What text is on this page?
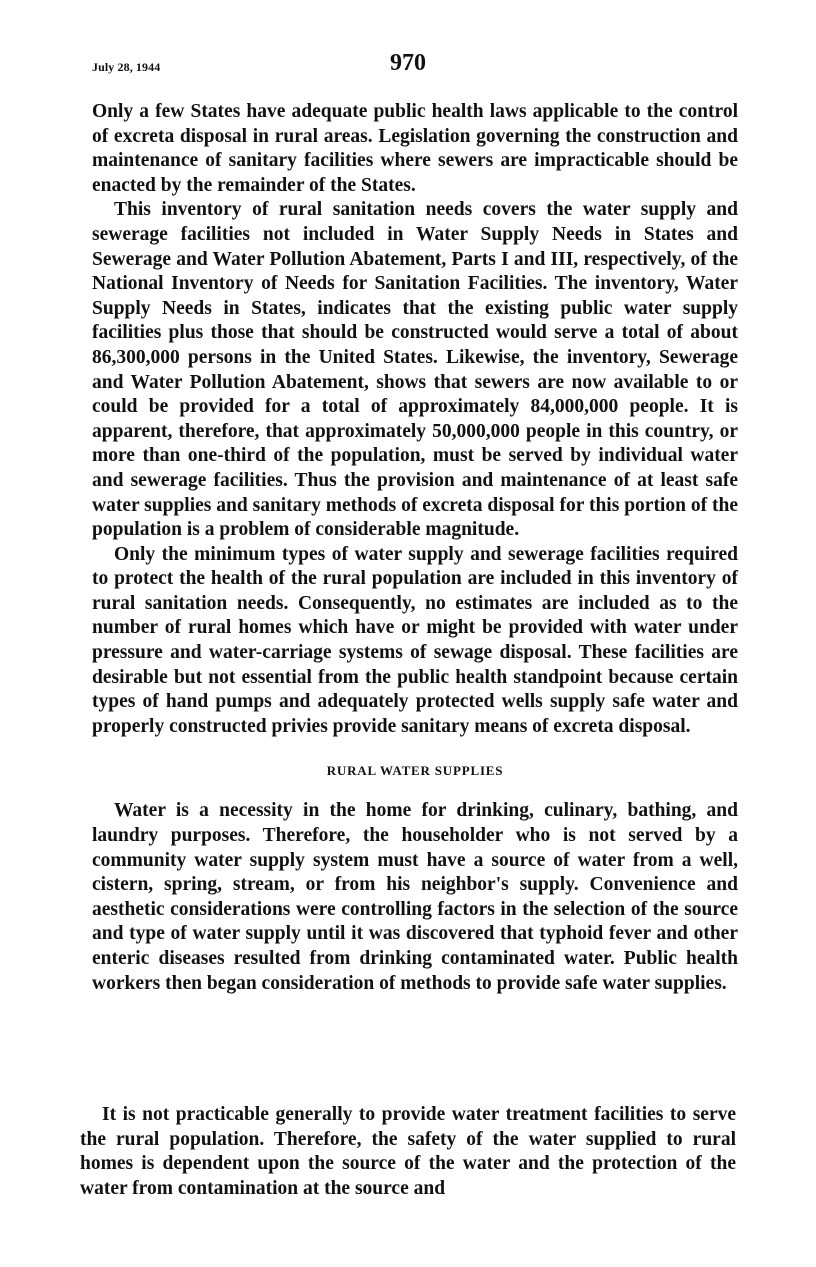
July 28, 1944	970

Only a few States have adequate public health laws applicable to the control of excreta disposal in rural areas. Legislation governing the construction and maintenance of sanitary facilities where sewers are impracticable should be enacted by the remainder of the States.

This inventory of rural sanitation needs covers the water supply and sewerage facilities not included in Water Supply Needs in States and Sewerage and Water Pollution Abatement, Parts I and III, respectively, of the National Inventory of Needs for Sanitation Facilities. The inventory, Water Supply Needs in States, indicates that the existing public water supply facilities plus those that should be constructed would serve a total of about 86,300,000 persons in the United States. Likewise, the inventory, Sewerage and Water Pollution Abatement, shows that sewers are now available to or could be provided for a total of approximately 84,000,000 people. It is apparent, therefore, that approximately 50,000,000 people in this country, or more than one-third of the population, must be served by individual water and sewerage facilities. Thus the provision and maintenance of at least safe water supplies and sanitary methods of excreta disposal for this portion of the population is a problem of considerable magnitude.

Only the minimum types of water supply and sewerage facilities required to protect the health of the rural population are included in this inventory of rural sanitation needs. Consequently, no estimates are included as to the number of rural homes which have or might be provided with water under pressure and water-carriage systems of sewage disposal. These facilities are desirable but not essential from the public health standpoint because certain types of hand pumps and adequately protected wells supply safe water and properly constructed privies provide sanitary means of excreta disposal.

RURAL WATER SUPPLIES

Water is a necessity in the home for drinking, culinary, bathing, and laundry purposes. Therefore, the householder who is not served by a community water supply system must have a source of water from a well, cistern, spring, stream, or from his neighbor's supply. Convenience and aesthetic considerations were controlling factors in the selection of the source and type of water supply until it was discovered that typhoid fever and other enteric diseases resulted from drinking contaminated water. Public health workers then began consideration of methods to provide safe water supplies.

It is not practicable generally to provide water treatment facilities to serve the rural population. Therefore, the safety of the water supplied to rural homes is dependent upon the source of the water and the protection of the water from contamination at the source and
